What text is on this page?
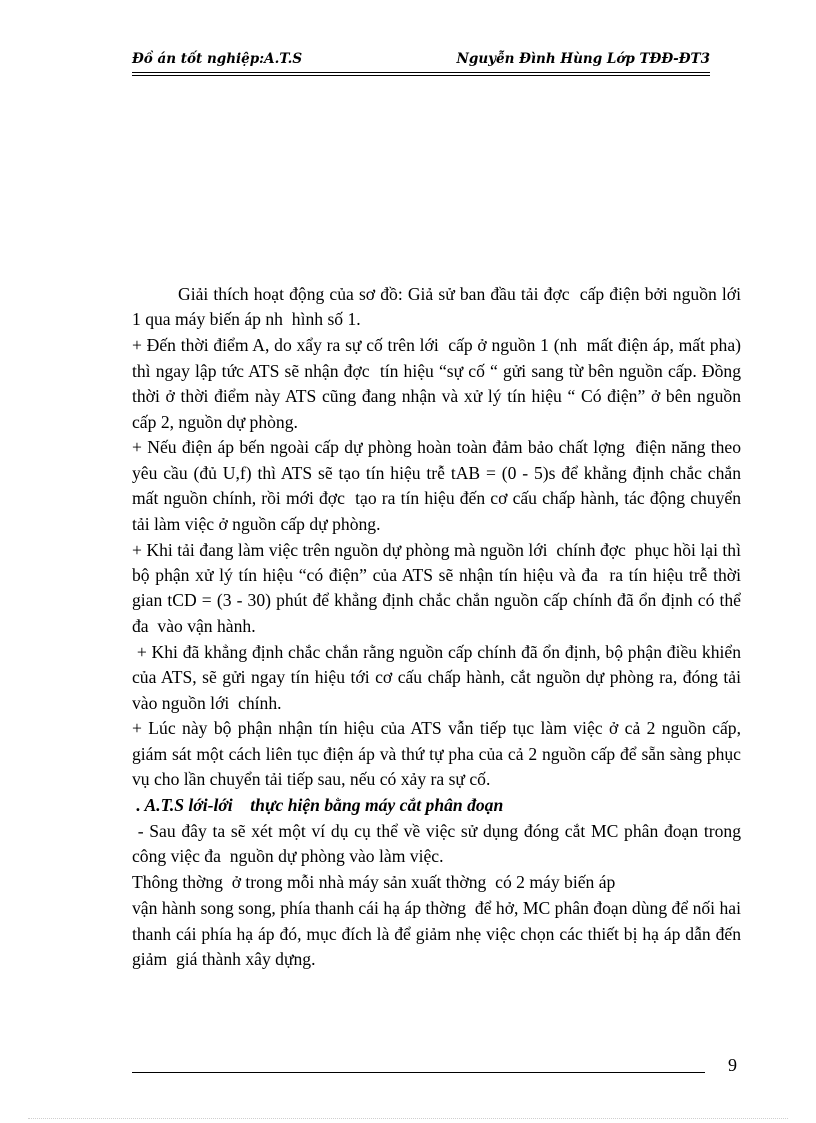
Đồ án tốt nghiệp:A.T.S	Nguyễn Đình Hùng Lớp TĐĐ-ĐT3

Giải thích hoạt động của sơ đồ: Giả sử ban đầu tải đợc  cấp điện bởi nguồn lới  1 qua máy biến áp nh  hình số 1.

+ Đến thời điểm A, do xẩy ra sự cố trên lới  cấp ở nguồn 1 (nh  mất điện áp, mất pha) thì ngay lập tức ATS sẽ nhận đợc  tín hiệu “sự cố “ gửi sang từ bên nguồn cấp. Đồng thời ở thời điểm này ATS cũng đang nhận và xử lý tín hiệu “ Có điện” ở bên nguồn cấp 2, nguồn dự phòng.

+ Nếu điện áp bến ngoài cấp dự phòng hoàn toàn đảm bảo chất lợng  điện năng theo yêu cầu (đủ U,f) thì ATS sẽ tạo tín hiệu trễ tAB = (0 - 5)s để khẳng định chắc chắn mất nguồn chính, rồi mới đợc  tạo ra tín hiệu đến cơ cấu chấp hành, tác động chuyển tải làm việc ở nguồn cấp dự phòng.

+ Khi tải đang làm việc trên nguồn dự phòng mà nguồn lới  chính đợc  phục hồi lại thì bộ phận xử lý tín hiệu “có điện” của ATS sẽ nhận tín hiệu và đa  ra tín hiệu trễ thời gian tCD = (3 - 30) phút để khẳng định chắc chắn nguồn cấp chính đã ổn định có thể đa  vào vận hành.

+ Khi đã khẳng định chắc chắn rằng nguồn cấp chính đã ổn định, bộ phận điều khiển của ATS, sẽ gửi ngay tín hiệu tới cơ cấu chấp hành, cắt nguồn dự phòng ra, đóng tải vào nguồn lới  chính.

+ Lúc này bộ phận nhận tín hiệu của ATS vẫn tiếp tục làm việc ở cả 2 nguồn cấp, giám sát một cách liên tục điện áp và thứ tự pha của cả 2 nguồn cấp để sẵn sàng phục vụ cho lần chuyển tải tiếp sau, nếu có xảy ra sự cố.

. A.T.S lới-lới    thực hiện bằng máy cắt phân đoạn

- Sau đây ta sẽ xét một ví dụ cụ thể về việc sử dụng đóng cắt MC phân đoạn trong công việc đa  nguồn dự phòng vào làm việc.

Thông thờng  ở trong mỗi nhà máy sản xuất thờng  có 2 máy biến áp

vận hành song song, phía thanh cái hạ áp thờng  để hở, MC phân đoạn dùng để nối hai thanh cái phía hạ áp đó, mục đích là để giảm nhẹ việc chọn các thiết bị hạ áp dẫn đến giảm  giá thành xây dựng.

9
